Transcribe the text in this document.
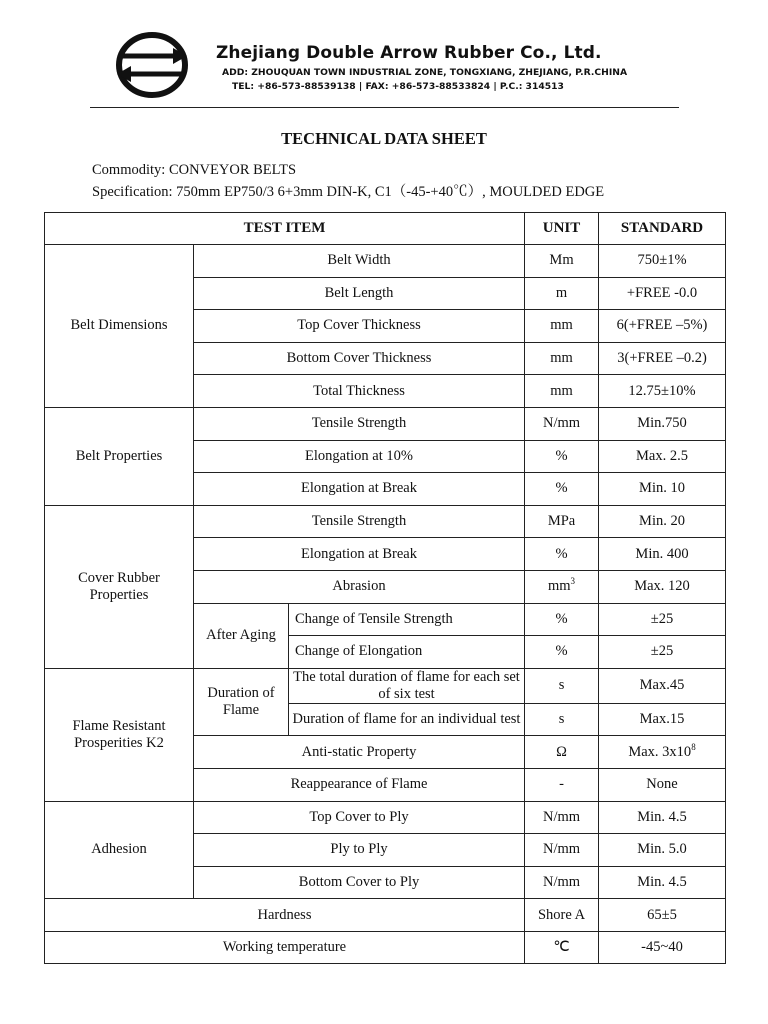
Zhejiang Double Arrow Rubber Co., Ltd.
ADD: ZHOUQUAN TOWN INDUSTRIAL ZONE, TONGXIANG, ZHEJIANG, P.R.CHINA
TEL: +86-573-88539138 | FAX: +86-573-88533824 | P.C.: 314513
TECHNICAL DATA SHEET
Commodity: CONVEYOR BELTS
Specification: 750mm EP750/3 6+3mm DIN-K, C1（-45-+40℃）, MOULDED EDGE
TEST ITEM			UNIT	STANDARD
Belt Dimensions	Belt Width		Mm	750±1%
	Belt Length		m	+FREE -0.0
	Top Cover Thickness		mm	6(+FREE –5%)
	Bottom Cover Thickness		mm	3(+FREE –0.2)
	Total Thickness		mm	12.75±10%
Belt Properties	Tensile Strength		N/mm	Min.750
	Elongation at 10%		%	Max. 2.5
	Elongation at Break		%	Min. 10
Cover Rubber Properties	Tensile Strength		MPa	Min. 20
	Elongation at Break		%	Min. 400
	Abrasion		$mm^3$	Max. 120
	After Aging	Change of Tensile Strength	%	±25
		Change of Elongation	%	±25
Flame Resistant Prosperities K2	Duration of Flame	The total duration of flame for each set of six test	s	Max.45
		Duration of flame for an individual test	s	Max.15
	Anti-static Property		Ω	Max. $3x10^8$
	Reappearance of Flame		-	None
Adhesion	Top Cover to Ply		N/mm	Min. 4.5
	Ply to Ply		N/mm	Min. 5.0
	Bottom Cover to Ply		N/mm	Min. 4.5
Hardness			Shore A	65±5
Working temperature			℃	-45~40
